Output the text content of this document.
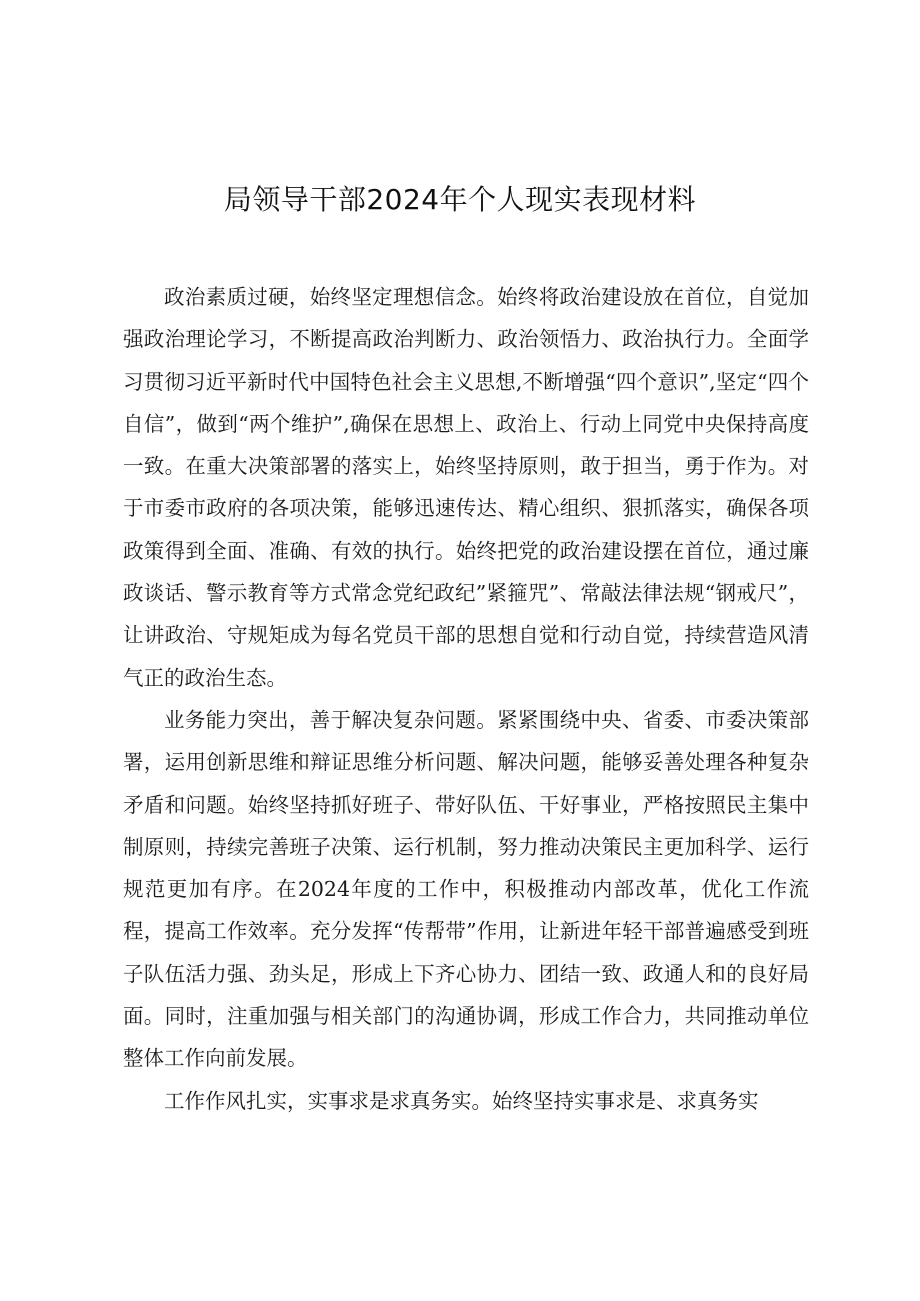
局领导干部2024年个人现实表现材料

政治素质过硬，始终坚定理想信念。始终将政治建设放在首位，自觉加强政治理论学习，不断提高政治判断力、政治领悟力、政治执行力。全面学习贯彻习近平新时代中国特色社会主义思想,不断增强“四个意识”,坚定“四个自信”，做到“两个维护”,确保在思想上、政治上、行动上同党中央保持高度一致。在重大决策部署的落实上，始终坚持原则，敢于担当，勇于作为。对于市委市政府的各项决策，能够迅速传达、精心组织、狠抓落实，确保各项政策得到全面、准确、有效的执行。始终把党的政治建设摆在首位，通过廉政谈话、警示教育等方式常念党纪政纪”紧箍咒”、常敲法律法规“钢戒尺”，让讲政治、守规矩成为每名党员干部的思想自觉和行动自觉，持续营造风清气正的政治生态。

业务能力突出，善于解决复杂问题。紧紧围绕中央、省委、市委决策部署，运用创新思维和辩证思维分析问题、解决问题，能够妥善处理各种复杂矛盾和问题。始终坚持抓好班子、带好队伍、干好事业，严格按照民主集中制原则，持续完善班子决策、运行机制，努力推动决策民主更加科学、运行规范更加有序。在2024年度的工作中，积极推动内部改革，优化工作流程，提高工作效率。充分发挥“传帮带”作用，让新进年轻干部普遍感受到班子队伍活力强、劲头足，形成上下齐心协力、团结一致、政通人和的良好局面。同时，注重加强与相关部门的沟通协调，形成工作合力，共同推动单位整体工作向前发展。

工作作风扎实，实事求是求真务实。始终坚持实事求是、求真务实
